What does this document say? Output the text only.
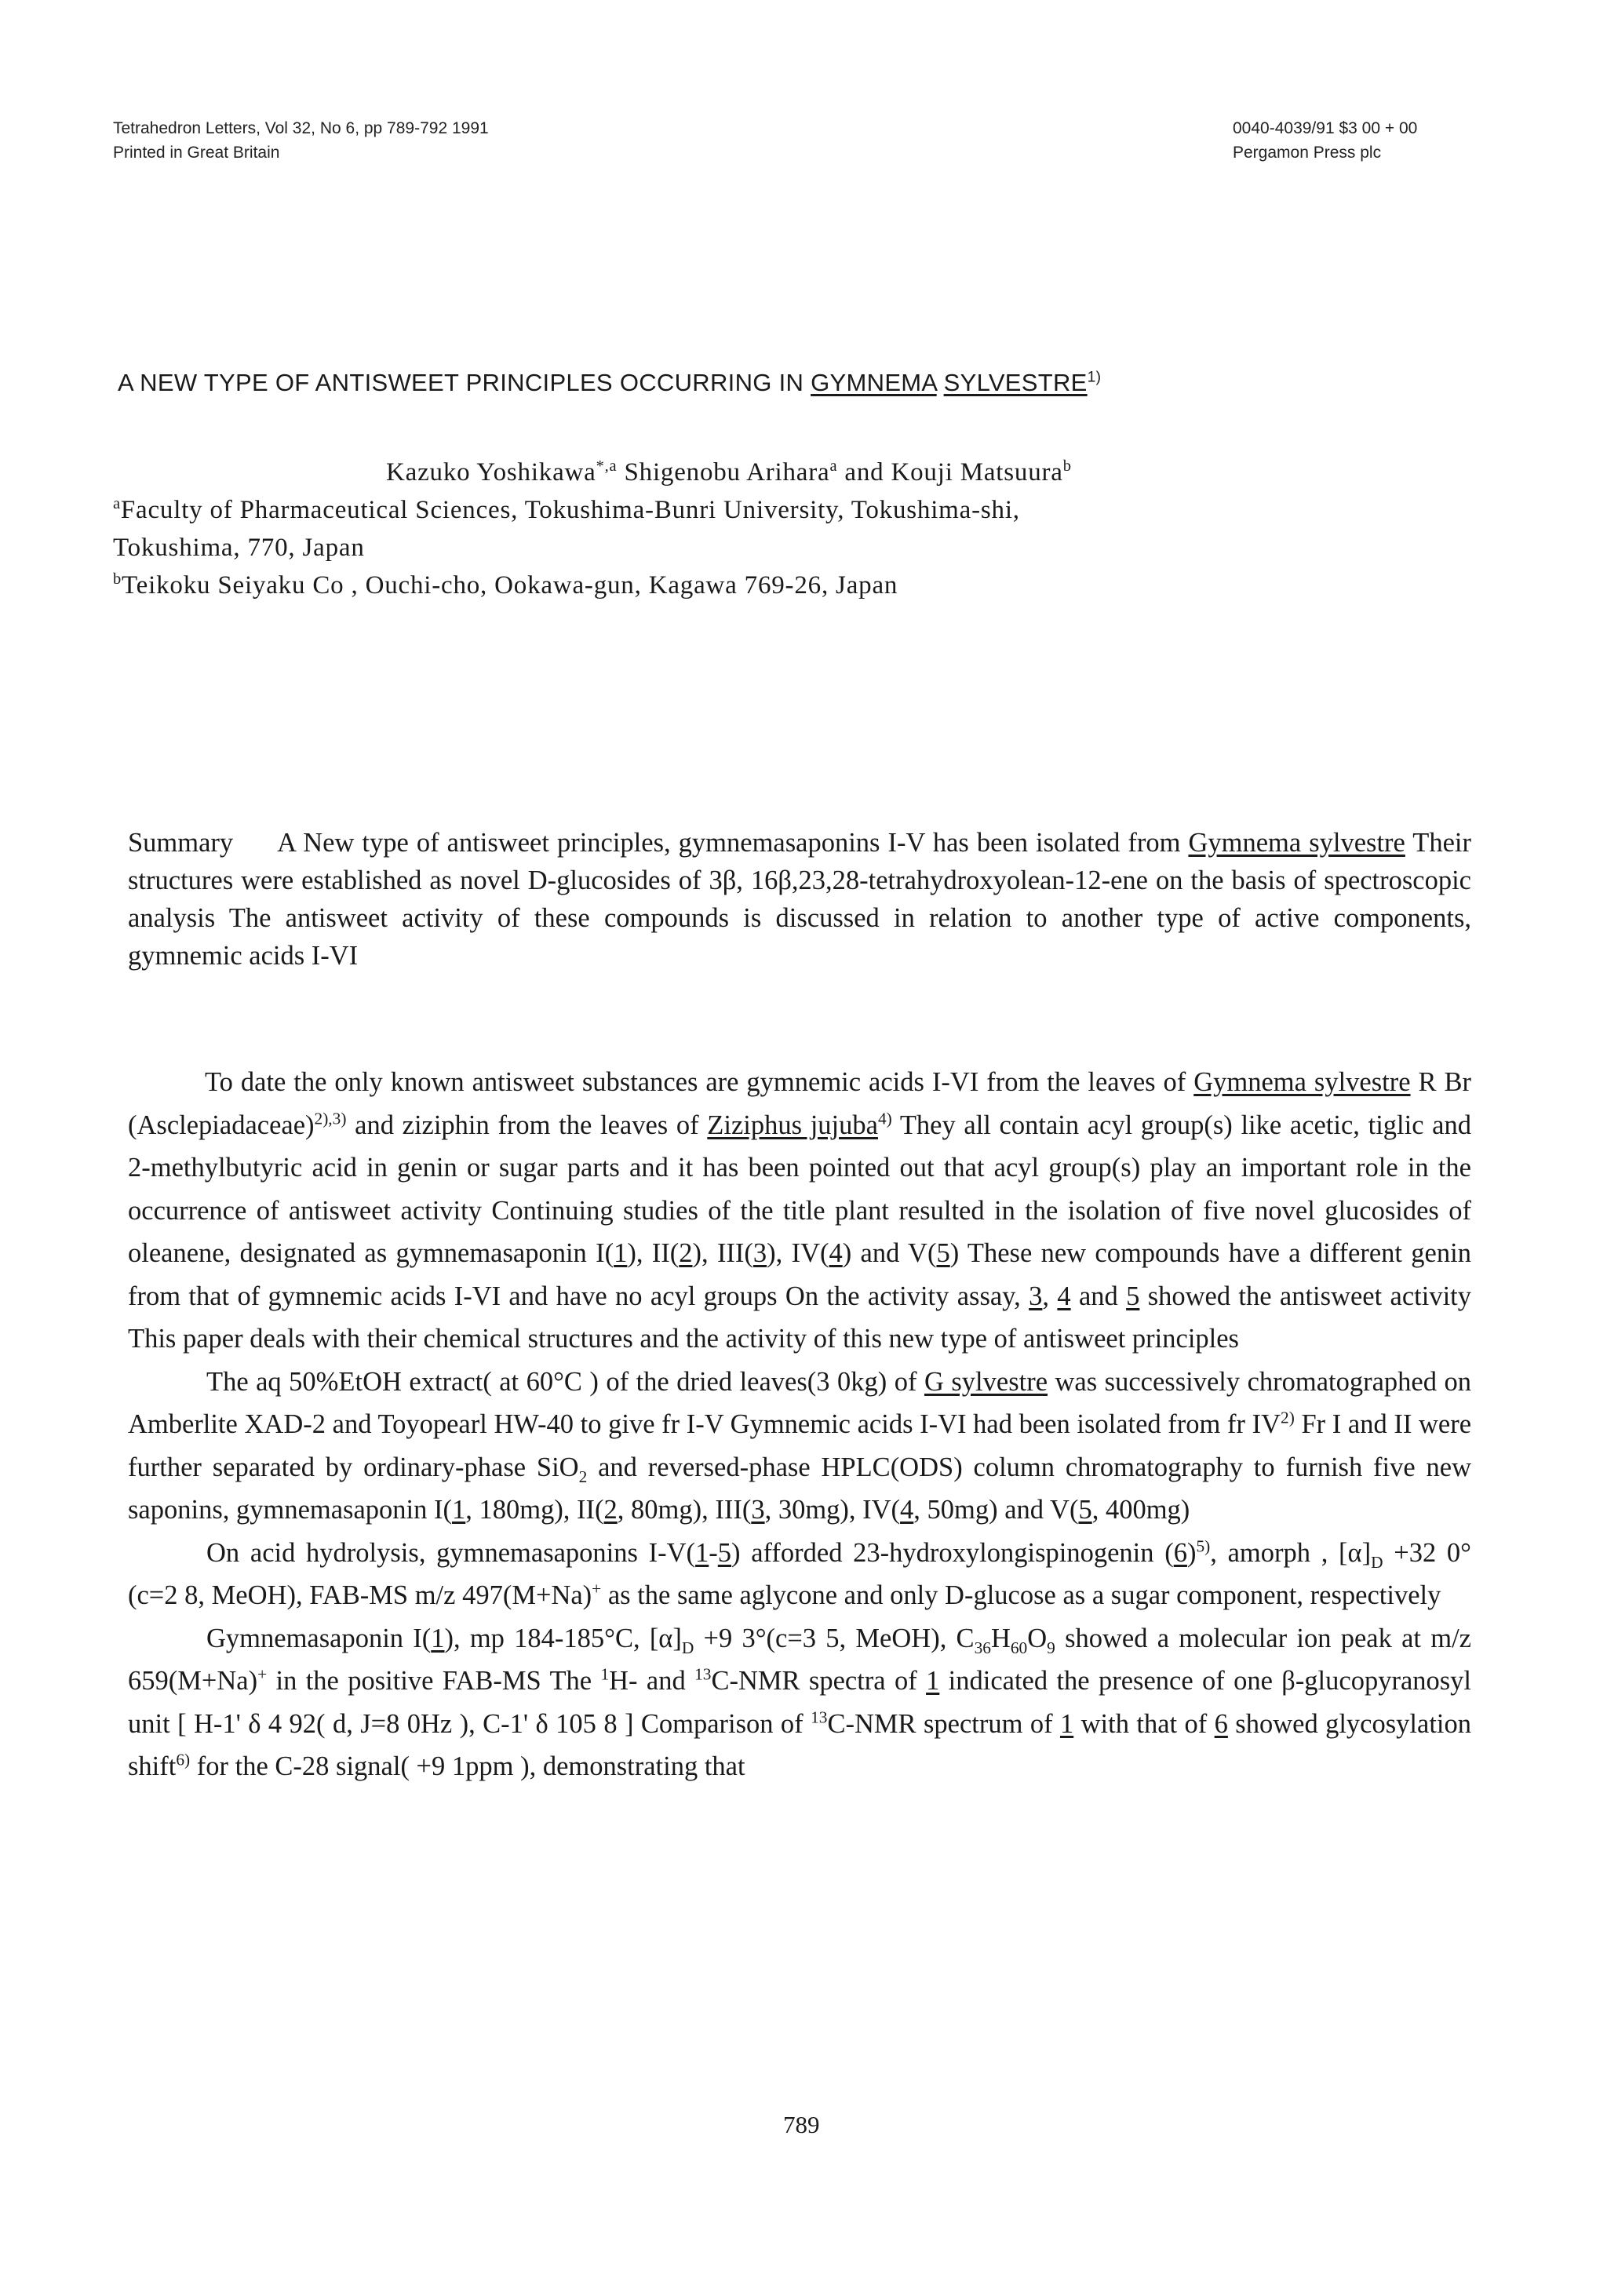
Tetrahedron Letters, Vol 32, No 6, pp 789-792 1991
Printed in Great Britain
0040-4039/91 $3 00 + 00
Pergamon Press plc
A NEW TYPE OF ANTISWEET PRINCIPLES OCCURRING IN GYMNEMA SYLVESTRE$^{1)}$
Kazuko Yoshikawa$^{*,a}$ Shigenobu Arihara$^a$ and Kouji Matsuura$^b$
$^a$Faculty of Pharmaceutical Sciences, Tokushima-Bunri University, Tokushima-shi,
Tokushima, 770, Japan
$^b$Teikoku Seiyaku Co , Ouchi-cho, Ookawa-gun, Kagawa 769-26, Japan
Summary A New type of antisweet principles, gymnemasaponins I-V has been isolated from Gymnema sylvestre Their structures were established as novel D-glucosides of 3β, 16β,23,28-tetrahydroxyolean-12-ene on the basis of spectroscopic analysis The antisweet activity of these compounds is discussed in relation to another type of active components, gymnemic acids I-VI

To date the only known antisweet substances are gymnemic acids I-VI from the leaves of Gymnema sylvestre R Br (Asclepiadaceae)$^{2),3)}$ and ziziphin from the leaves of Ziziphus jujuba$^{4)}$ They all contain acyl group(s) like acetic, tiglic and 2-methylbutyric acid in genin or sugar parts and it has been pointed out that acyl group(s) play an important role in the occurrence of antisweet activity Continuing studies of the title plant resulted in the isolation of five novel glucosides of oleanene, designated as gymnemasaponin I(1), II(2), III(3), IV(4) and V(5) These new compounds have a different genin from that of gymnemic acids I-VI and have no acyl groups On the activity assay, 3, 4 and 5 showed the antisweet activity This paper deals with their chemical structures and the activity of this new type of antisweet principles

The aq 50%EtOH extract( at 60°C ) of the dried leaves(3 0kg) of G sylvestre was successively chromatographed on Amberlite XAD-2 and Toyopearl HW-40 to give fr I-V Gymnemic acids I-VI had been isolated from fr IV$^{2)}$ Fr I and II were further separated by ordinary-phase SiO$_2$ and reversed-phase HPLC(ODS) column chromatography to furnish five new saponins, gymnemasaponin I(1, 180mg), II(2, 80mg), III(3, 30mg), IV(4, 50mg) and V(5, 400mg)

On acid hydrolysis, gymnemasaponins I-V(1-5) afforded 23-hydroxylongispinogenin $(6)^{5)}$, amorph , $[\alpha]_D +32$ 0°(c=2 8, MeOH), FAB-MS m/z 497(M+Na)+ as the same aglycone and only D-glucose as a sugar component, respectively

Gymnemasaponin I(1), mp 184-185°C, $[\alpha]_D +9$ 3°(c=3 5, MeOH), $C_{36}H_{60}O_9$ showed a molecular ion peak at m/z 659(M+Na)+ in the positive FAB-MS The $^1$H- and $^{13}$C-NMR spectra of 1 indicated the presence of one β-glucopyranosyl unit [ H-1' δ 4 92( d, J=8 0Hz ), C-1' δ 105 8 ] Comparison of $^{13}$C-NMR spectrum of 1 with that of 6 showed glycosylation shift$^{6)}$ for the C-28 signal( +9 1ppm ), demonstrating that

789
